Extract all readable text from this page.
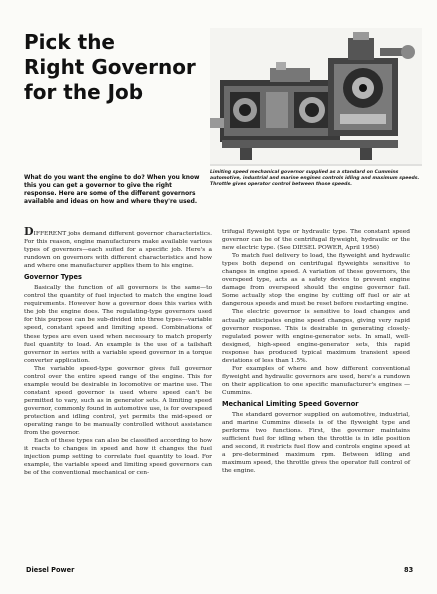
Pick the
Right Governor
for the Job
Limiting speed mechanical governor supplied as a standard on Cummins automotive, industrial and marine engines controls idling and maximum speeds. Throttle gives operator control between those speeds.
What do you want the engine to do? When you know this you can get a governor to give the right response. Here are some of the different governors available and ideas on how and where they're used.

DIFFERENT jobs demand different governor characteristics. For this reason, engine manufacturers make available various types of governors—each suited for a specific job. Here's a rundown on governors with different characteristics and how and where one manufacturer applies them to his engine.

Governor Types

Basically the function of all governors is the same—to control the quantity of fuel injected to match the engine load requirements. However how a governor does this varies with the job the engine does. The regulating-type governors used for this purpose can be sub-divided into three types—variable speed, constant speed and limiting speed. Combinations of these types are even used when necessary to match properly fuel quantity to load. An example is the use of a tailshaft governor in series with a variable speed governor in a torque converter application.

The variable speed-type governor gives full governor control over the entire speed range of the engine. This for example would be desirable in locomotive or marine use. The constant speed governor is used where speed can't be permitted to vary, such as in generator sets. A limiting speed governor, commonly found in automotive use, is for overspeed protection and idling control, yet permits the mid-speed or operating range to be manually controlled without assistance from the governor.

Each of these types can also be classified according to how it reacts to changes in speed and how it changes the fuel injection pump setting to correlate fuel quantity to load. For example, the variable speed and limiting speed governors can be of the conventional mechanical or cen-

trifugal flyweight type or hydraulic type. The constant speed governor can be of the centrifugal flyweight, hydraulic or the new electric type. (See DIESEL POWER, April 1956)

To match fuel delivery to load, the flyweight and hydraulic types both depend on centrifugal flyweights sensitive to changes in engine speed. A variation of these governors, the overspeed type, acts as a safety device to prevent engine damage from overspeed should the engine governor fail. Some actually stop the engine by cutting off fuel or air at dangerous speeds and must be reset before restarting engine.

The electric governor is sensitive to load changes and actually anticipates engine speed changes, giving very rapid governor response. This is desirable in generating closely-regulated power with engine-generator sets. In small, well-designed, high-speed engine-generator sets, this rapid response has produced typical maximum transient speed deviations of less than 1.5%.

For examples of where and how different conventional flyweight and hydraulic governors are used, here's a rundown on their application to one specific manufacturer's engines — Cummins.

Mechanical Limiting Speed Governor

The standard governor supplied on automotive, industrial, and marine Cummins diesels is of the flyweight type and performs two functions. First, the governor maintains sufficient fuel for idling when the throttle is in idle position and second, it restricts fuel flow and controls engine speed at a pre-determined maximum rpm. Between idling and maximum speed, the throttle gives the operator full control of the engine.

Diesel Power	83
